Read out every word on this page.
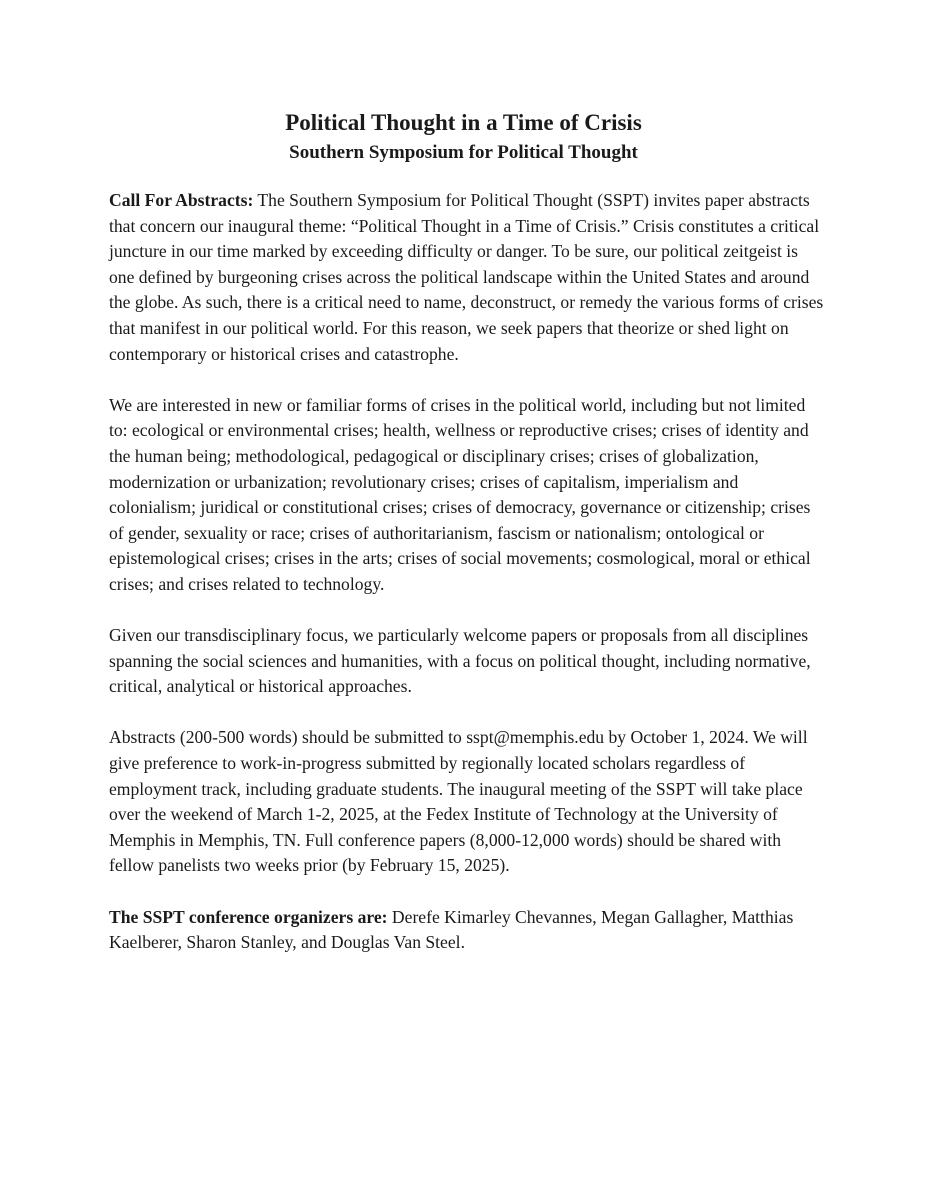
Political Thought in a Time of Crisis
Southern Symposium for Political Thought

Call For Abstracts: The Southern Symposium for Political Thought (SSPT) invites paper abstracts that concern our inaugural theme: “Political Thought in a Time of Crisis.” Crisis constitutes a critical juncture in our time marked by exceeding difficulty or danger. To be sure, our political zeitgeist is one defined by burgeoning crises across the political landscape within the United States and around the globe. As such, there is a critical need to name, deconstruct, or remedy the various forms of crises that manifest in our political world. For this reason, we seek papers that theorize or shed light on contemporary or historical crises and catastrophe.

We are interested in new or familiar forms of crises in the political world, including but not limited to: ecological or environmental crises; health, wellness or reproductive crises; crises of identity and the human being; methodological, pedagogical or disciplinary crises; crises of globalization, modernization or urbanization; revolutionary crises; crises of capitalism, imperialism and colonialism; juridical or constitutional crises; crises of democracy, governance or citizenship; crises of gender, sexuality or race; crises of authoritarianism, fascism or nationalism; ontological or epistemological crises; crises in the arts; crises of social movements; cosmological, moral or ethical crises; and crises related to technology.

Given our transdisciplinary focus, we particularly welcome papers or proposals from all disciplines spanning the social sciences and humanities, with a focus on political thought, including normative, critical, analytical or historical approaches.

Abstracts (200-500 words) should be submitted to sspt@memphis.edu by October 1, 2024. We will give preference to work-in-progress submitted by regionally located scholars regardless of employment track, including graduate students. The inaugural meeting of the SSPT will take place over the weekend of March 1-2, 2025, at the Fedex Institute of Technology at the University of Memphis in Memphis, TN. Full conference papers (8,000-12,000 words) should be shared with fellow panelists two weeks prior (by February 15, 2025).

The SSPT conference organizers are: Derefe Kimarley Chevannes, Megan Gallagher, Matthias Kaelberer, Sharon Stanley, and Douglas Van Steel.
